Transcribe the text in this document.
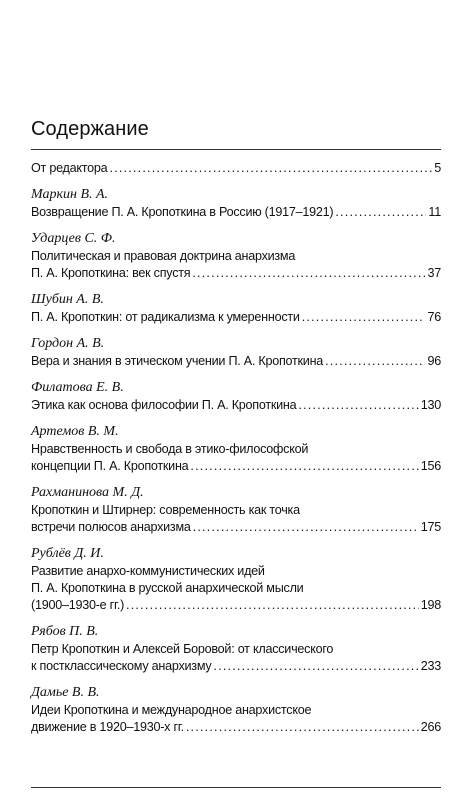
Содержание
От редактора .....	5
Маркин В. А.
Возвращение П. А. Кропоткина в Россию (1917–1921) .....	11
Ударцев С. Ф.
Политическая и правовая доктрина анархизма
П. А. Кропоткина: век спустя .....	37
Шубин А. В.
П. А. Кропоткин: от радикализма к умеренности .....	76
Гордон А. В.
Вера и знания в этическом учении П. А. Кропоткина .....	96
Филатова Е. В.
Этика как основа философии П. А. Кропоткина .....	130
Артемов В. М.
Нравственность и свобода в этико-философской
концепции П. А. Кропоткина .....	156
Рахманинова М. Д.
Кропоткин и Штирнер: современность как точка
встречи полюсов анархизма .....	175
Рублёв Д. И.
Развитие анархо-коммунистических идей
П. А. Кропоткина в русской анархической мысли
(1900–1930-е гг.) .....	198
Рябов П. В.
Петр Кропоткин и Алексей Боровой: от классического
к постклассическому анархизму .....	233
Дамье В. В.
Идеи Кропоткина и международное анархистское
движение в 1920–1930-х гг. .....	266
